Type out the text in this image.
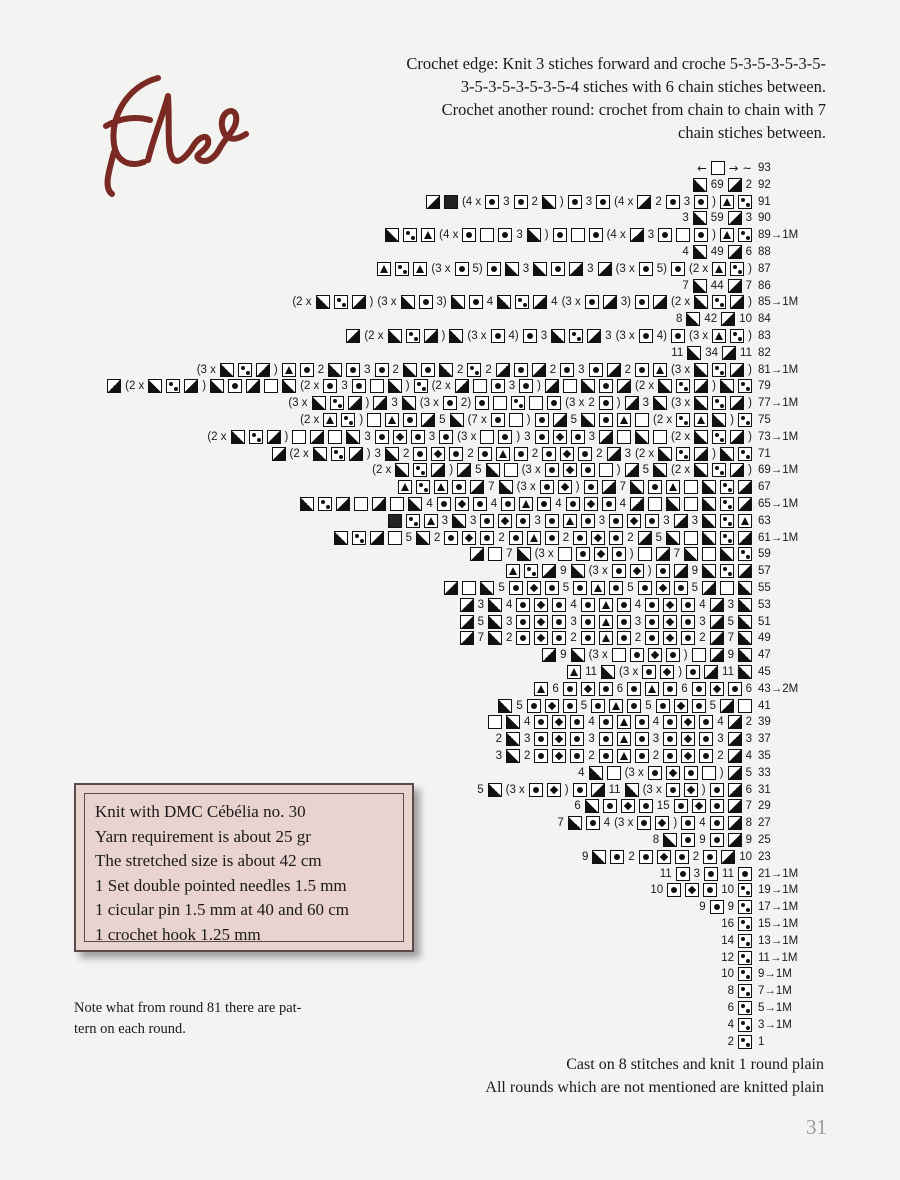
Crochet edge: Knit 3 stiches forward and croche 5-3-5-3-5-3-5-
3-5-3-5-3-5-3-5-4 stiches with 6 chain stiches between.
Crochet another round: crochet from chain to chain with 7
chain stiches between.
← → ~ 93
69 2 92
(4 x 3 2 ) 3 (4 x 2 3 )	91
3 59 3 90
(4 x	3 )	(4 x 3	)	89→1M
4 49 6 88
(3 x 5)	3	3 (3 x 5) (2 x	) 87
7 44 7 86
(2 x	) (3 x	3)	4	4 (3 x	3)	(2 x	) 85→1M
8 42 10 84
(2 x	) (3 x 4) 3	3 (3 x 4) (3 x	) 83
11 34 11 82
(3 x	)	2	3 2	2 2	2 3	2	(3 x	) 81→1M
(2 x	)	(2 x 3	) (2 x	3 )	(2 x	)	79
(3 x	) 3 (3 x 2)	(3 x 2 ) 3 (3 x	) 77→1M
(2 x	)	5 (7 x	)	5	(2 x	) 75
(2 x	)	3	3 (3 x	) 3	3	(2 x	) 73→1M
(2 x	) 3 2	2	2	2 3 (2 x	)	71
(2 x	) 5	(3 x	) 5 (2 x	) 69→1M
7 (3 x	)	7	67
4	4	4	4	65→1M
3 3	3	3	3 3	63
5 2	2	2	2 5	61→1M
7 (3 x	)	7	59
9 (3 x	)	9	57
5	5	5	5	55
3 4	4	4	4 3 53
5 3	3	3	3 5 51
7 2	2	2	2 7 49
9 (3 x	)	9 47
11 (3 x	)	11 45
6	6	6	6 43→2M
5	5	5	5	41
4	4	4	4 2 39
2 3	3	3	3 3 37
3 2	2	2	2 4 35
4	(3 x	) 5 33
5 (3 x	)	11 (3 x	)	6 31
6	15	7 29
7	4 (3 x	) 4	8 27
8	9	9 25
9	2	2	10 23
11 3 11 21→1M
10	10 19→1M
9 9 17→1M
16 15→1M
14 13→1M
12 11→1M
10 9→1M
8 7→1M
6 5→1M
4 3→1M
2 1
Knit with DMC Cébélia no. 30
Yarn requirement is about 25 gr
The stretched size is about 42 cm
1 Set double pointed needles 1.5 mm
1 cicular pin 1.5 mm at 40 and 60 cm
1 crochet hook 1.25 mm
Note what from round 81 there are pat-
tern on each round.
Cast on 8 stitches and knit 1 round plain
All rounds which are not mentioned are knitted plain
31
